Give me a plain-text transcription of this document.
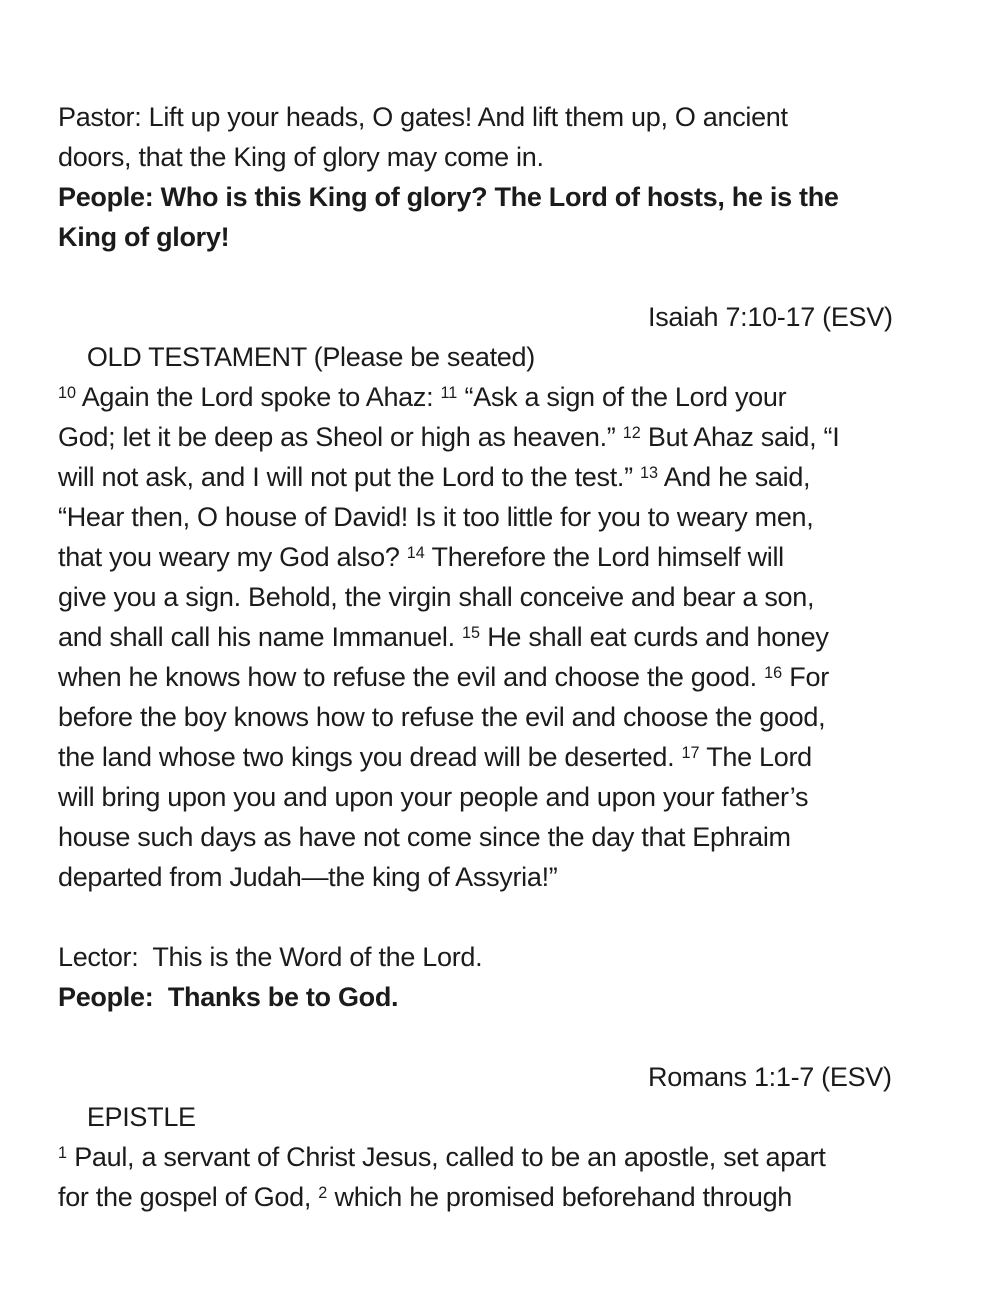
Pastor: Lift up your heads, O gates! And lift them up, O ancient
doors, that the King of glory may come in.
People: Who is this King of glory? The Lord of hosts, he is the
King of glory!

OLD TESTAMENT (Please be seated)

Isaiah 7:10-17 (ESV)

$^{10}$ Again the Lord spoke to Ahaz: $^{11}$ “Ask a sign of the Lord your
God; let it be deep as Sheol or high as heaven.” $^{12}$ But Ahaz said, “I
will not ask, and I will not put the Lord to the test.” $^{13}$ And he said,
“Hear then, O house of David! Is it too little for you to weary men,
that you weary my God also? $^{14}$ Therefore the Lord himself will
give you a sign. Behold, the virgin shall conceive and bear a son,
and shall call his name Immanuel. $^{15}$ He shall eat curds and honey
when he knows how to refuse the evil and choose the good. $^{16}$ For
before the boy knows how to refuse the evil and choose the good,
the land whose two kings you dread will be deserted. $^{17}$ The Lord
will bring upon you and upon your people and upon your father’s
house such days as have not come since the day that Ephraim
departed from Judah—the king of Assyria!”
Lector:  This is the Word of the Lord.
People:  Thanks be to God.

EPISTLE

Romans 1:1-7 (ESV)

$^1$ Paul, a servant of Christ Jesus, called to be an apostle, set apart
for the gospel of God, $^2$ which he promised beforehand through
